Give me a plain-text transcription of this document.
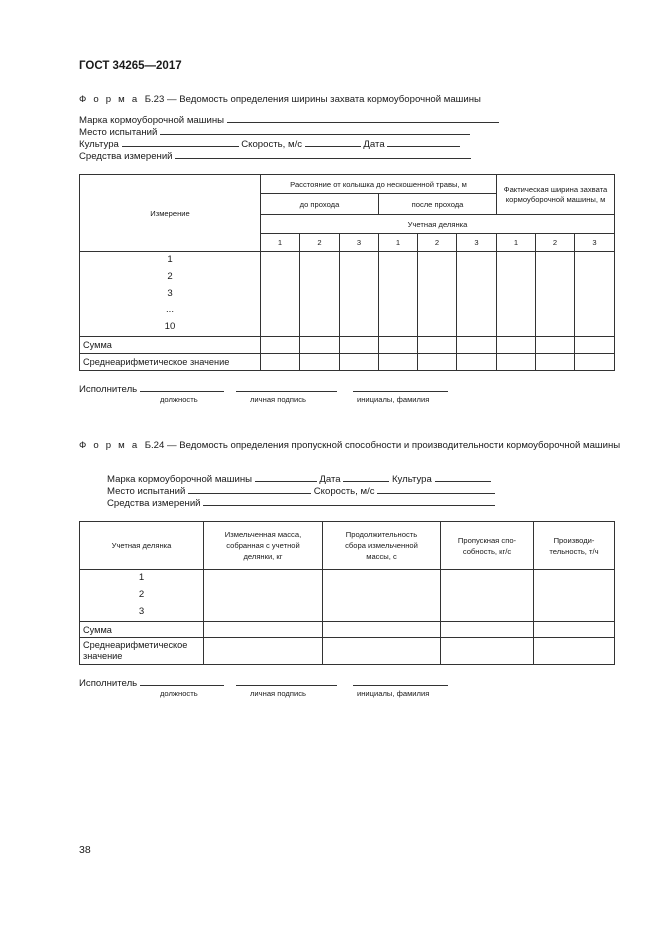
ГОСТ 34265—2017
Ф о р м а Б.23 — Ведомость определения ширины захвата кормоуборочной машины
Марка кормоуборочной машины
Место испытаний
Культура	Скорость, м/с	Дата
Средства измерений
Измерение	Расстояние от колышка до нескошенной травы, м						Фактическая ширина захвата кормоуборочной машины, м		
	до прохода			после прохода					
	Учетная делянка								
	1	2	3	1	2	3	1	2	3

1
2
3
...
10									

Сумма									
Среднеарифметическое значение									
Исполнитель
должность	личная подпись	инициалы, фамилия
Ф о р м а Б.24 — Ведомость определения пропускной способности и производительности кормоуборочной машины
Марка кормоуборочной машины	Дата	Культура
Место испытаний	Скорость, м/с
Средства измерений
Учетная делянка	Измельченная масса, собранная с учетной делянки, кг	Продолжительность сбора измельченной массы, с	Пропускная способность, кг/с	Производительность, т/ч

1
2
3				

Сумма				
Среднеарифметическое значение				
Исполнитель
должность	личная подпись	инициалы, фамилия
38
